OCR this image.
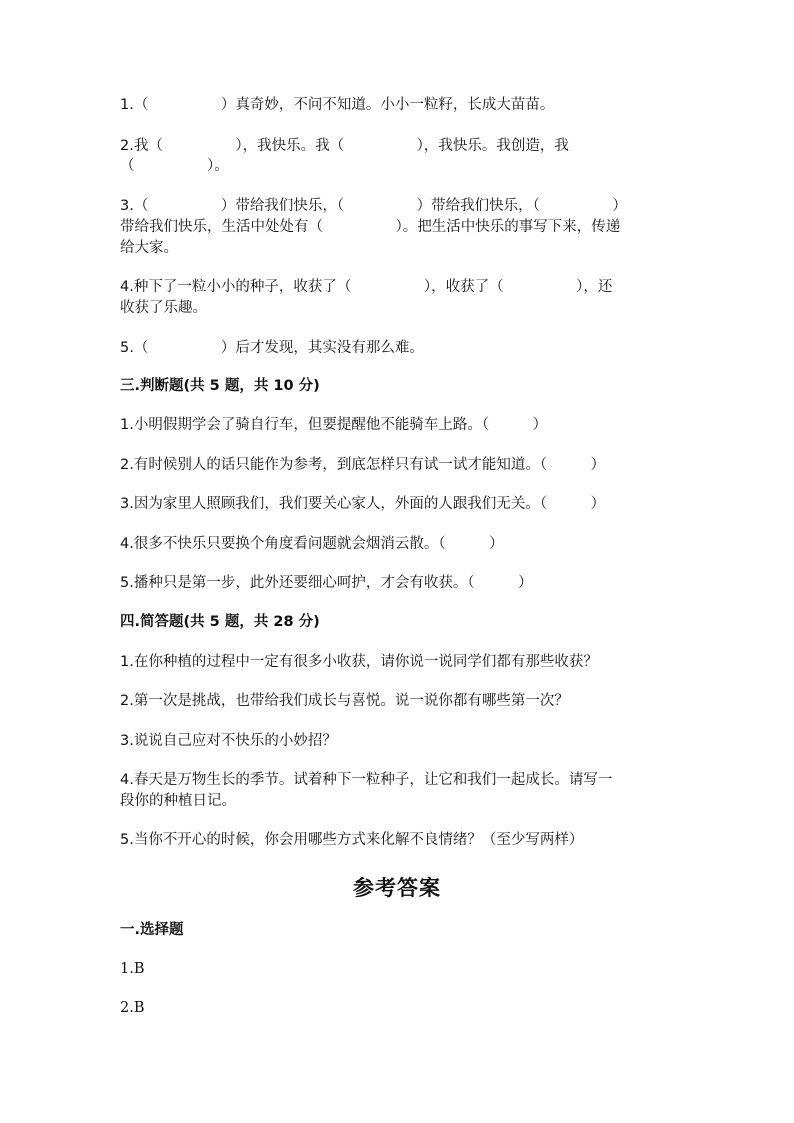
1.（　　　　　）真奇妙，不问不知道。小小一粒籽，长成大苗苗。
2.我（　　　　　），我快乐。我（　　　　　），我快乐。我创造，我
（　　　　　）。
3.（　　　　　）带给我们快乐，（　　　　　）带给我们快乐，（　　　　　）
带给我们快乐，生活中处处有（　　　　　）。把生活中快乐的事写下来，传递
给大家。
4.种下了一粒小小的种子，收获了（　　　　　），收获了（　　　　　），还
收获了乐趣。
5.（　　　　　）后才发现，其实没有那么难。
三.判断题(共 5 题，共 10 分)
1.小明假期学会了骑自行车，但要提醒他不能骑车上路。（　　　）
2.有时候别人的话只能作为参考，到底怎样只有试一试才能知道。（　　　）
3.因为家里人照顾我们，我们要关心家人，外面的人跟我们无关。（　　　）
4.很多不快乐只要换个角度看问题就会烟消云散。（　　　）
5.播种只是第一步，此外还要细心呵护，才会有收获。（　　　）
四.简答题(共 5 题，共 28 分)
1.在你种植的过程中一定有很多小收获，请你说一说同学们都有那些收获？
2.第一次是挑战，也带给我们成长与喜悦。说一说你都有哪些第一次？
3.说说自己应对不快乐的小妙招？
4.春天是万物生长的季节。试着种下一粒种子，让它和我们一起成长。请写一
段你的种植日记。
5.当你不开心的时候，你会用哪些方式来化解不良情绪？（至少写两样）
参考答案
一.选择题
1.B
2.B
